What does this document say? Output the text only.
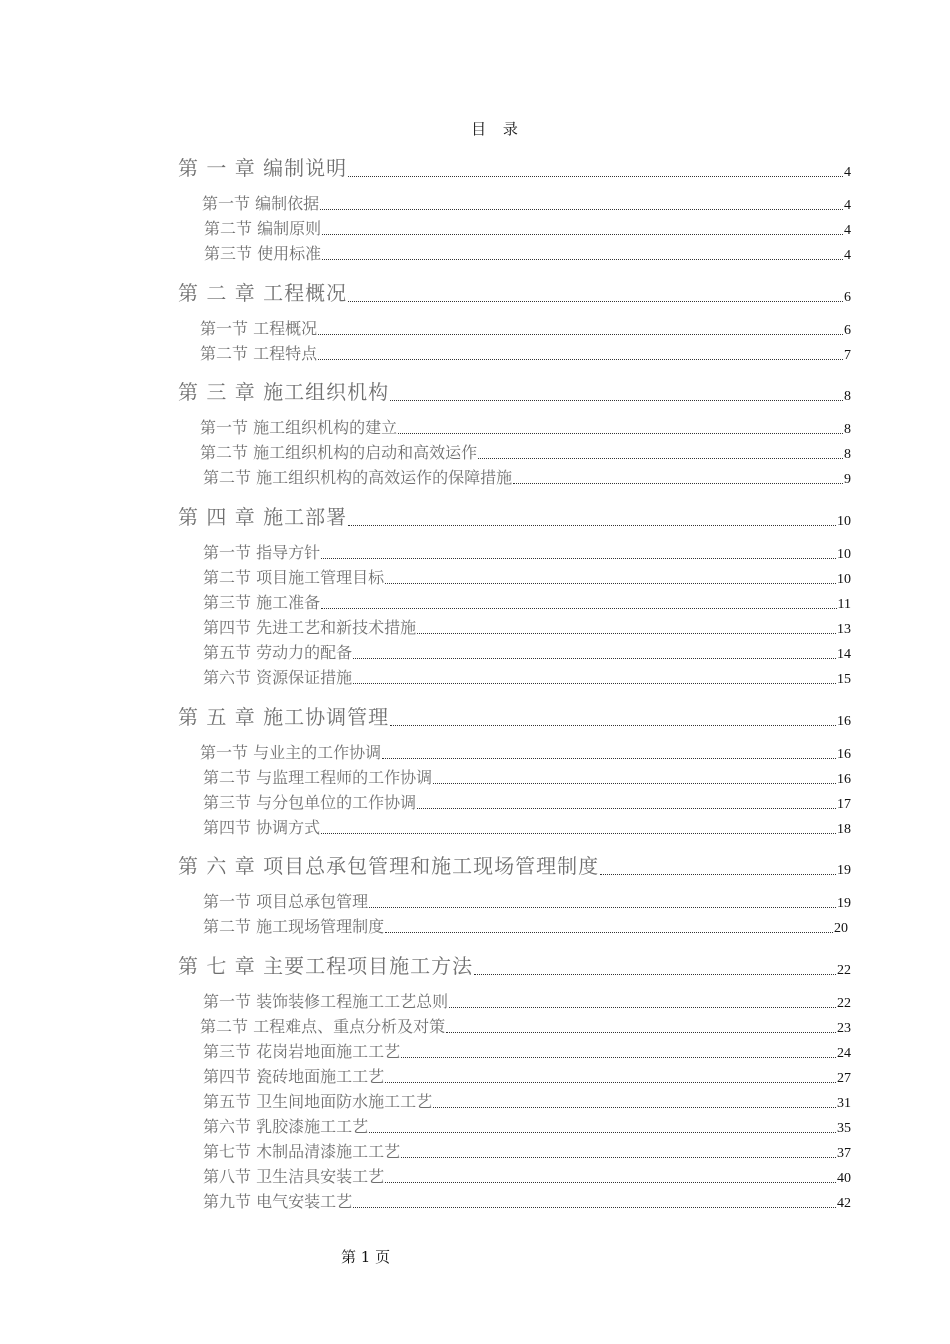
目 录
第 一 章 编制说明	4
第一节 编制依据	4
第二节 编制原则	4
第三节 使用标准	4
第 二 章 工程概况	6
第一节 工程概况	6
第二节 工程特点	7
第 三 章 施工组织机构	8
第一节 施工组织机构的建立	8
第二节 施工组织机构的启动和高效运作	8
第二节 施工组织机构的高效运作的保障措施	9
第 四 章 施工部署	10
第一节 指导方针	10
第二节 项目施工管理目标	10
第三节 施工准备	11
第四节 先进工艺和新技术措施	13
第五节 劳动力的配备	14
第六节 资源保证措施	15
第 五 章 施工协调管理	16
第一节 与业主的工作协调	16
第二节 与监理工程师的工作协调	16
第三节 与分包单位的工作协调	17
第四节 协调方式	18
第 六 章 项目总承包管理和施工现场管理制度	19
第一节 项目总承包管理	19
第二节 施工现场管理制度	20
第 七 章 主要工程项目施工方法	22
第一节 装饰装修工程施工工艺总则	22
第二节 工程难点、重点分析及对策	23
第三节 花岗岩地面施工工艺	24
第四节 瓷砖地面施工工艺	27
第五节 卫生间地面防水施工工艺	31
第六节 乳胶漆施工工艺	35
第七节 木制品清漆施工工艺	37
第八节 卫生洁具安装工艺	40
第九节 电气安装工艺	42
第 1 页
